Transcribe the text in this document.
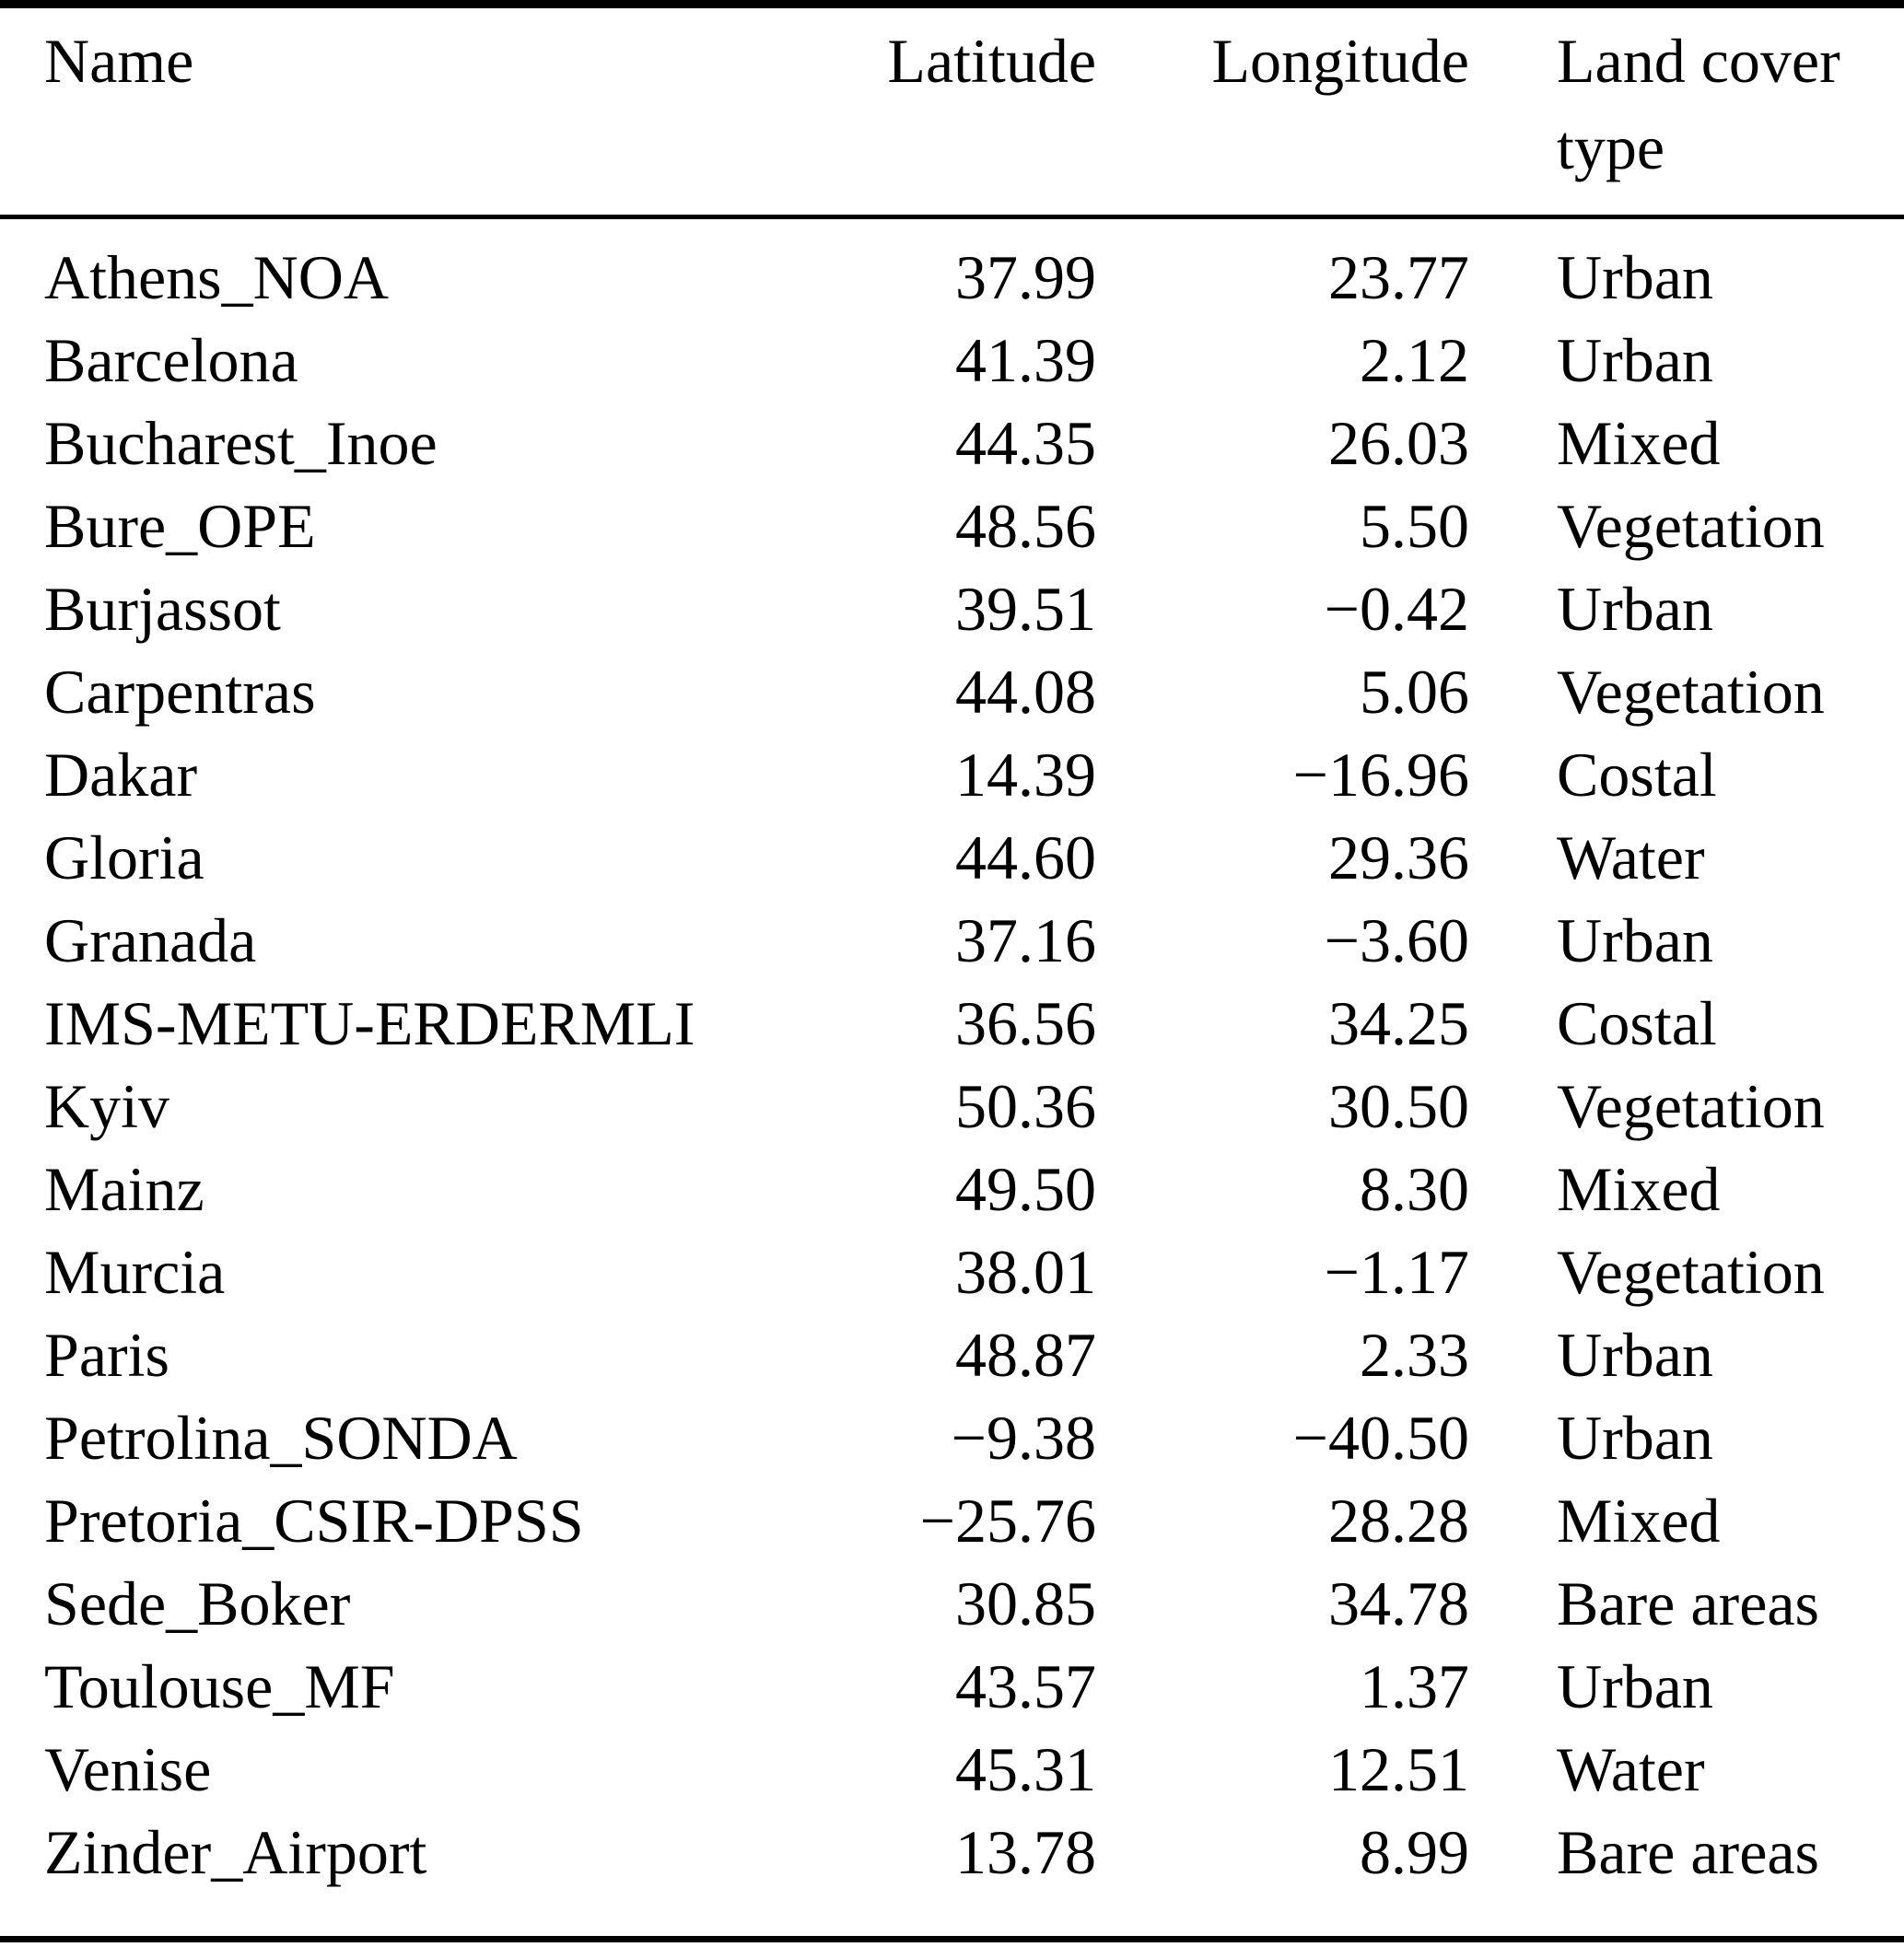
Name	Latitude	Longitude	Land cover type
Athens_NOA	37.99	23.77	Urban
Barcelona	41.39	2.12	Urban
Bucharest_Inoe	44.35	26.03	Mixed
Bure_OPE	48.56	5.50	Vegetation
Burjassot	39.51	−0.42	Urban
Carpentras	44.08	5.06	Vegetation
Dakar	14.39	−16.96	Costal
Gloria	44.60	29.36	Water
Granada	37.16	−3.60	Urban
IMS-METU-ERDERMLI	36.56	34.25	Costal
Kyiv	50.36	30.50	Vegetation
Mainz	49.50	8.30	Mixed
Murcia	38.01	−1.17	Vegetation
Paris	48.87	2.33	Urban
Petrolina_SONDA	−9.38	−40.50	Urban
Pretoria_CSIR-DPSS	−25.76	28.28	Mixed
Sede_Boker	30.85	34.78	Bare areas
Toulouse_MF	43.57	1.37	Urban
Venise	45.31	12.51	Water
Zinder_Airport	13.78	8.99	Bare areas
